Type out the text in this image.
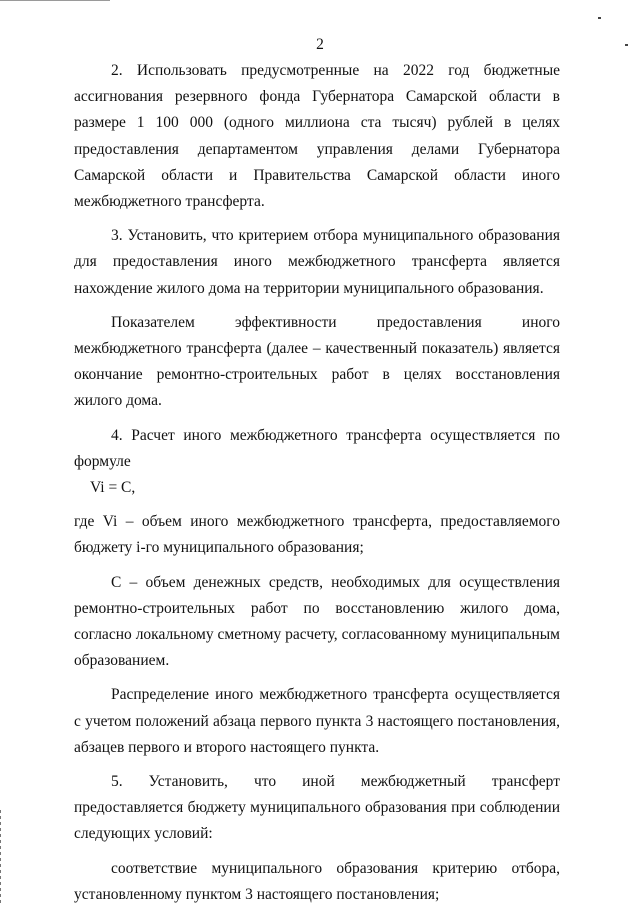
2

2. Использовать предусмотренные на 2022 год бюджетные ассигнования резервного фонда Губернатора Самарской области в размере 1 100 000 (одного миллиона ста тысяч) рублей в целях предоставления департаментом управления делами Губернатора Самарской области и Правительства Самарской области иного межбюджетного трансферта.

3. Установить, что критерием отбора муниципального образования для предоставления иного межбюджетного трансферта является нахождение жилого дома на территории муниципального образования.

Показателем эффективности предоставления иного межбюджетного трансферта (далее – качественный показатель) является окончание ремонтно-строительных работ в целях восстановления жилого дома.

4. Расчет иного межбюджетного трансферта осуществляется по формуле

Vi = C,

где Vi – объем иного межбюджетного трансферта, предоставляемого бюджету i-го муниципального образования;

C – объем денежных средств, необходимых для осуществления ремонтно-строительных работ по восстановлению жилого дома, согласно локальному сметному расчету, согласованному муниципальным образованием.

Распределение иного межбюджетного трансферта осуществляется с учетом положений абзаца первого пункта 3 настоящего постановления, абзацев первого и второго настоящего пункта.

5. Установить, что иной межбюджетный трансферт предоставляется бюджету муниципального образования при соблюдении следующих условий:

соответствие муниципального образования критерию отбора, установленному пунктом 3 настоящего постановления;
